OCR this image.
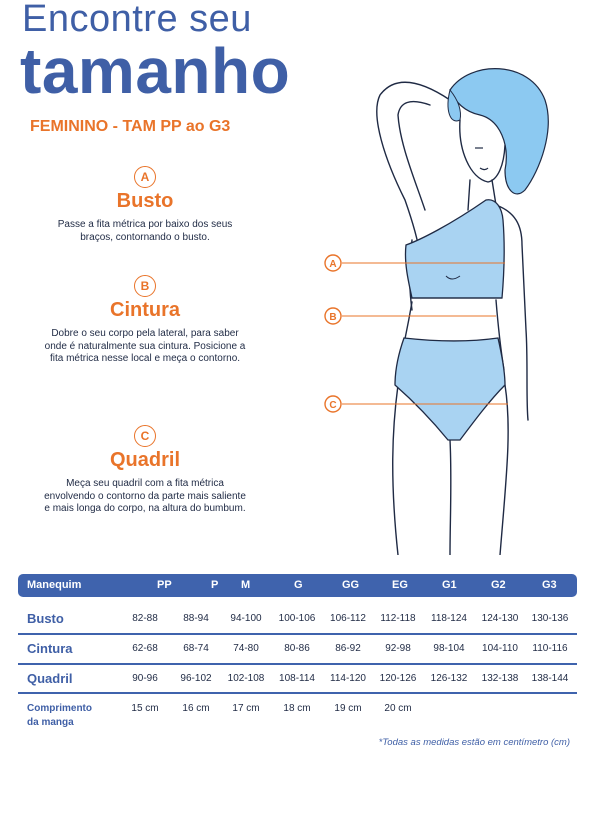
Encontre seu
tamanho
FEMININO - TAM PP ao G3
A
Busto
Passe a fita métrica por baixo dos seus braços, contornando o busto.
B
Cintura
Dobre o seu corpo pela lateral, para saber onde é naturalmente sua cintura. Posicione a fita métrica nesse local e meça o contorno.
C
Quadril
Meça seu quadril com a fita métrica envolvendo o contorno da parte mais saliente e mais longa do corpo, na altura do bumbum.
A
B
C
Manequim	PP	P M	G	GG	EG	G1	G2	G3
Busto	82-88	88-94 94-100 100-106 106-112 112-118 118-124 124-130 130-136
Cintura	62-68	68-74 74-80	80-86	86-92 92-98 98-104 104-110 110-116
Quadril	90-96 96-102 102-108 108-114 114-120 120-126 126-132 132-138 138-144
Comprimento
da manga
15 cm 16 cm 17 cm 18 cm 19 cm 20 cm
*Todas as medidas estão em centímetro (cm)
